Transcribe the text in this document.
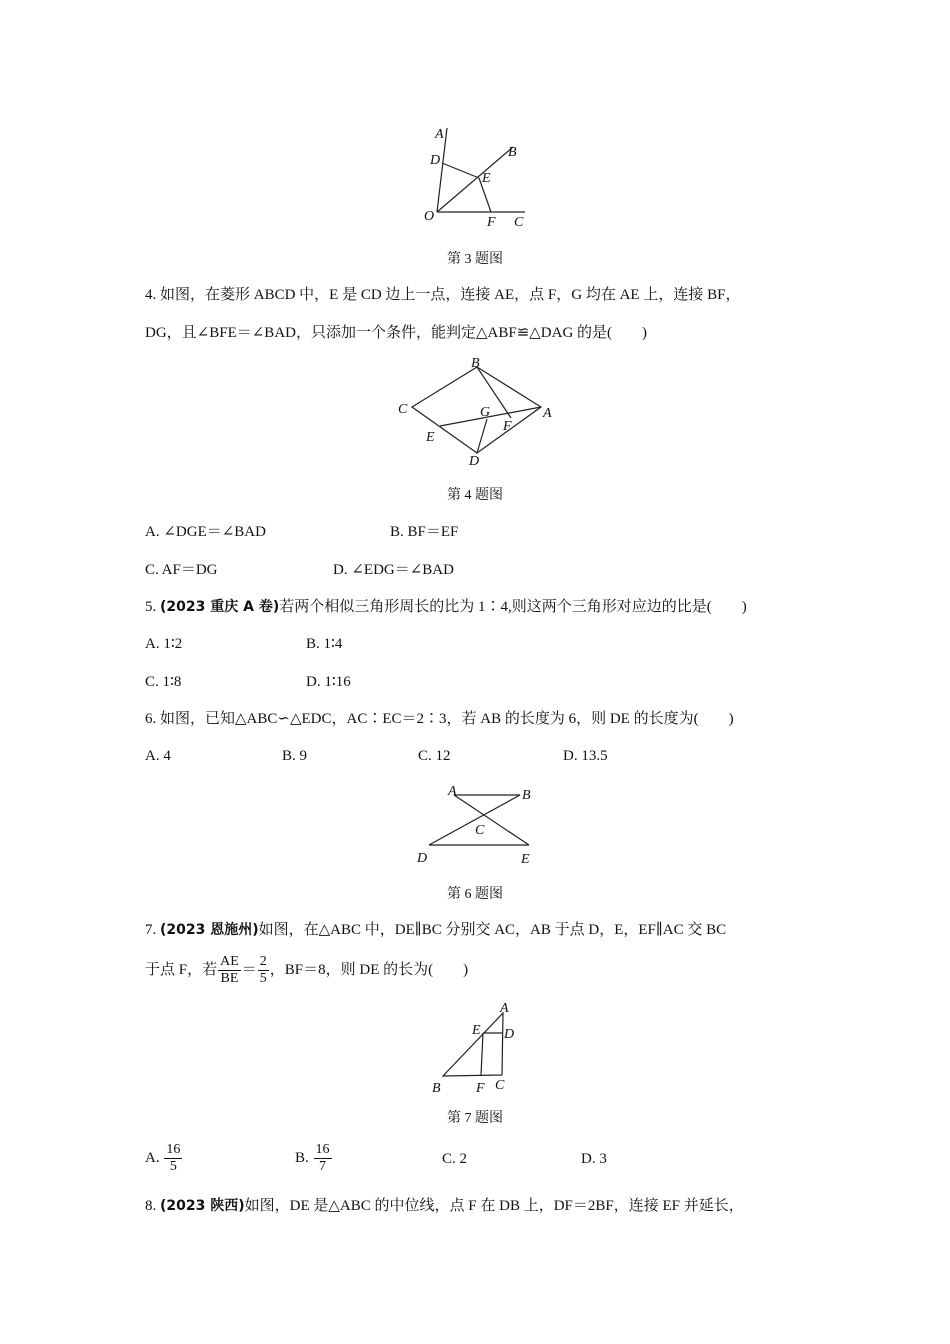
A
B
C
D
E
F
O
第 3 题图
4. 如图，在菱形 ABCD 中，E 是 CD 边上一点，连接 AE，点 F，G 均在 AE 上，连接 BF，
DG，且∠BFE＝∠BAD，只添加一个条件，能判定△ABF≌△DAG 的是(　　)
B
A
C
D
E
F
G
第 4 题图
A. ∠DGE＝∠BAD	B. BF＝EF
C. AF＝DG	D. ∠EDG＝∠BAD
5. (2023 重庆 A 卷)若两个相似三角形周长的比为 1∶4,则这两个三角形对应边的比是(　　)
A. 1∶2	B. 1∶4
C. 1∶8	D. 1∶16
6. 如图，已知△ABC∽△EDC，AC∶EC＝2∶3，若 AB 的长度为 6，则 DE 的长度为(　　)
A. 4	B. 9	C. 12	D. 13.5
A	B
C
D	E
第 6 题图
7. (2023 恩施州)如图，在△ABC 中，DE∥BC 分别交 AC，AB 于点 D，E，EF∥AC 交 BC
于点 F，若 $\frac{AE}{BE} = \frac{2}{5}$ ，BF＝8，则 DE 的长为(　　)
A
B	C
D
E
F
第 7 题图
A. $\frac{16}{5}$	B. $\frac{16}{7}$	C. 2	D. 3
8. (2023 陕西)如图，DE 是△ABC 的中位线，点 F 在 DB 上，DF＝2BF，连接 EF 并延长，
